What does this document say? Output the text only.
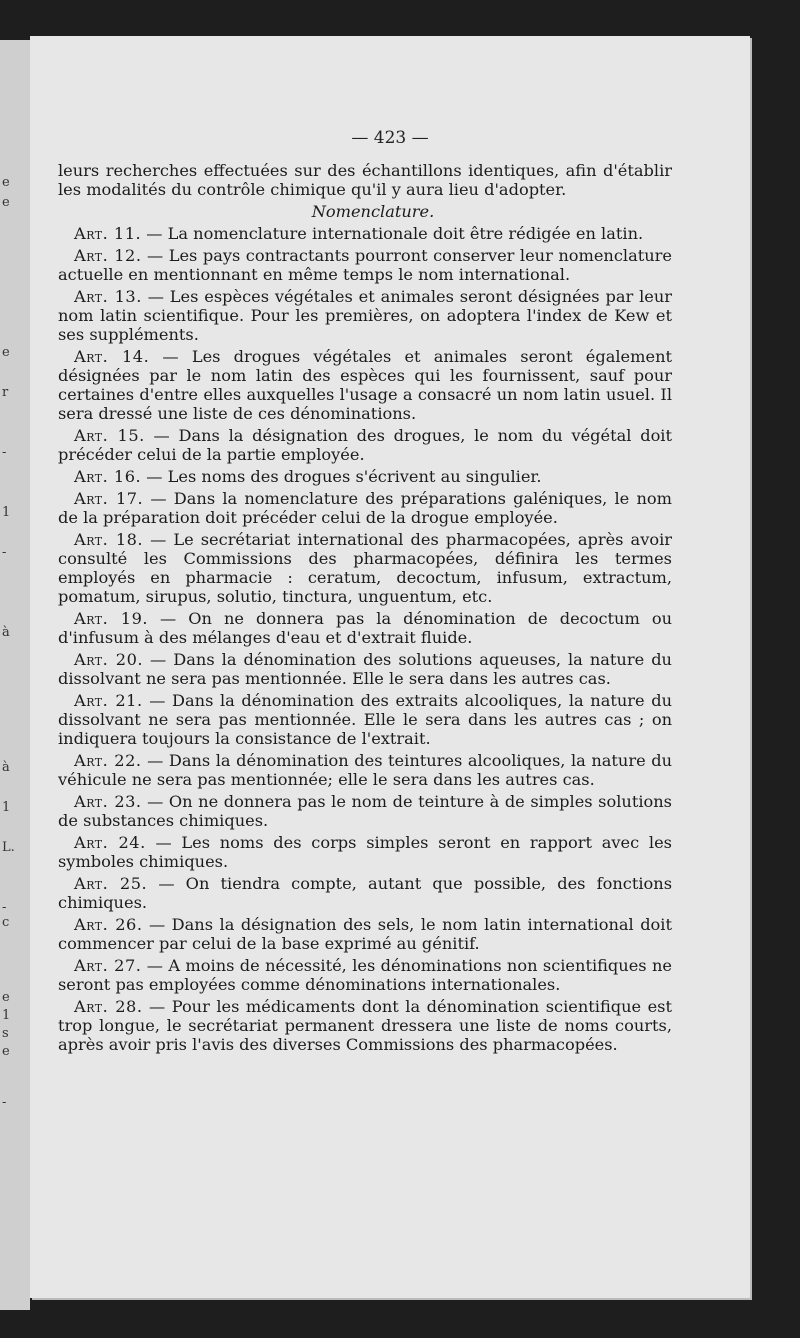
e
e
e
r
-
1
-
à
à
1
L.
-
c
e
1
s
e
-
— 423 —

leurs recherches effectuées sur des échantillons identiques, afin d'établir les modalités du contrôle chimique qu'il y aura lieu d'adopter.

Nomenclature.

Art. 11. — La nomenclature internationale doit être rédigée en latin.

Art. 12. — Les pays contractants pourront conserver leur nomenclature actuelle en mentionnant en même temps le nom international.

Art. 13. — Les espèces végétales et animales seront désignées par leur nom latin scientifique. Pour les premières, on adoptera l'index de Kew et ses suppléments.

Art. 14. — Les drogues végétales et animales seront également désignées par le nom latin des espèces qui les fournissent, sauf pour certaines d'entre elles auxquelles l'usage a consacré un nom latin usuel. Il sera dressé une liste de ces dénominations.

Art. 15. — Dans la désignation des drogues, le nom du végétal doit précéder celui de la partie employée.

Art. 16. — Les noms des drogues s'écrivent au singulier.

Art. 17. — Dans la nomenclature des préparations galéniques, le nom de la préparation doit précéder celui de la drogue employée.

Art. 18. — Le secrétariat international des pharmacopées, après avoir consulté les Commissions des pharmacopées, définira les termes employés en pharmacie : ceratum, decoctum, infusum, extractum, pomatum, sirupus, solutio, tinctura, unguentum, etc.

Art. 19. — On ne donnera pas la dénomination de decoctum ou d'infusum à des mélanges d'eau et d'extrait fluide.

Art. 20. — Dans la dénomination des solutions aqueuses, la nature du dissolvant ne sera pas mentionnée. Elle le sera dans les autres cas.

Art. 21. — Dans la dénomination des extraits alcooliques, la nature du dissolvant ne sera pas mentionnée. Elle le sera dans les autres cas ; on indiquera toujours la consistance de l'extrait.

Art. 22. — Dans la dénomination des teintures alcooliques, la nature du véhicule ne sera pas mentionnée; elle le sera dans les autres cas.

Art. 23. — On ne donnera pas le nom de teinture à de simples solutions de substances chimiques.

Art. 24. — Les noms des corps simples seront en rapport avec les symboles chimiques.

Art. 25. — On tiendra compte, autant que possible, des fonctions chimiques.

Art. 26. — Dans la désignation des sels, le nom latin international doit commencer par celui de la base exprimé au génitif.

Art. 27. — A moins de nécessité, les dénominations non scientifiques ne seront pas employées comme dénominations internationales.

Art. 28. — Pour les médicaments dont la dénomination scientifique est trop longue, le secrétariat permanent dressera une liste de noms courts, après avoir pris l'avis des diverses Commissions des pharmacopées.
